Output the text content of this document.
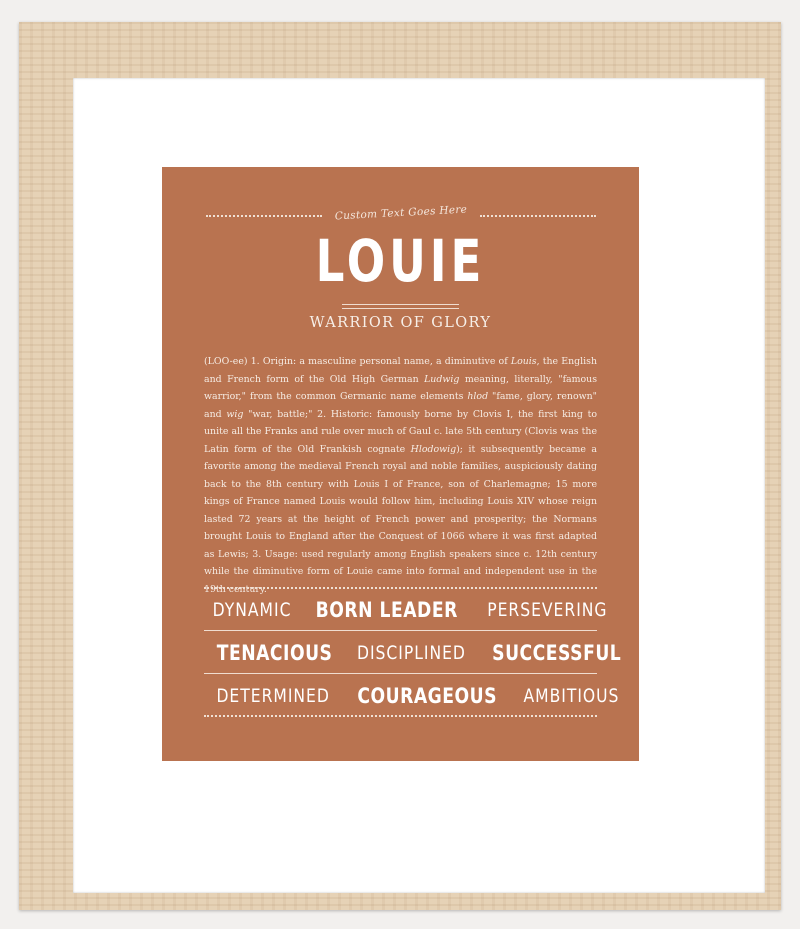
Custom Text Goes Here
LOUIE
WARRIOR OF GLORY
(LOO-ee) 1. Origin: a masculine personal name, a diminutive of Louis, the English and French form of the Old High German Ludwig meaning, literally, "famous warrior," from the common Germanic name elements hlod "fame, glory, renown" and wig "war, battle;" 2. Historic: famously borne by Clovis I, the first king to unite all the Franks and rule over much of Gaul c. late 5th century (Clovis was the Latin form of the Old Frankish cognate Hlodowig); it subsequently became a favorite among the medieval French royal and noble families, auspiciously dating back to the 8th century with Louis I of France, son of Charlemagne; 15 more kings of France named Louis would follow him, including Louis XIV whose reign lasted 72 years at the height of French power and prosperity; the Normans brought Louis to England after the Conquest of 1066 where it was first adapted as Lewis; 3. Usage: used regularly among English speakers since c. 12th century while the diminutive form of Louie came into formal and independent use in the 19th century.
DYNAMIC BORN LEADER PERSEVERING
TENACIOUS DISCIPLINED SUCCESSFUL
DETERMINED COURAGEOUS AMBITIOUS
